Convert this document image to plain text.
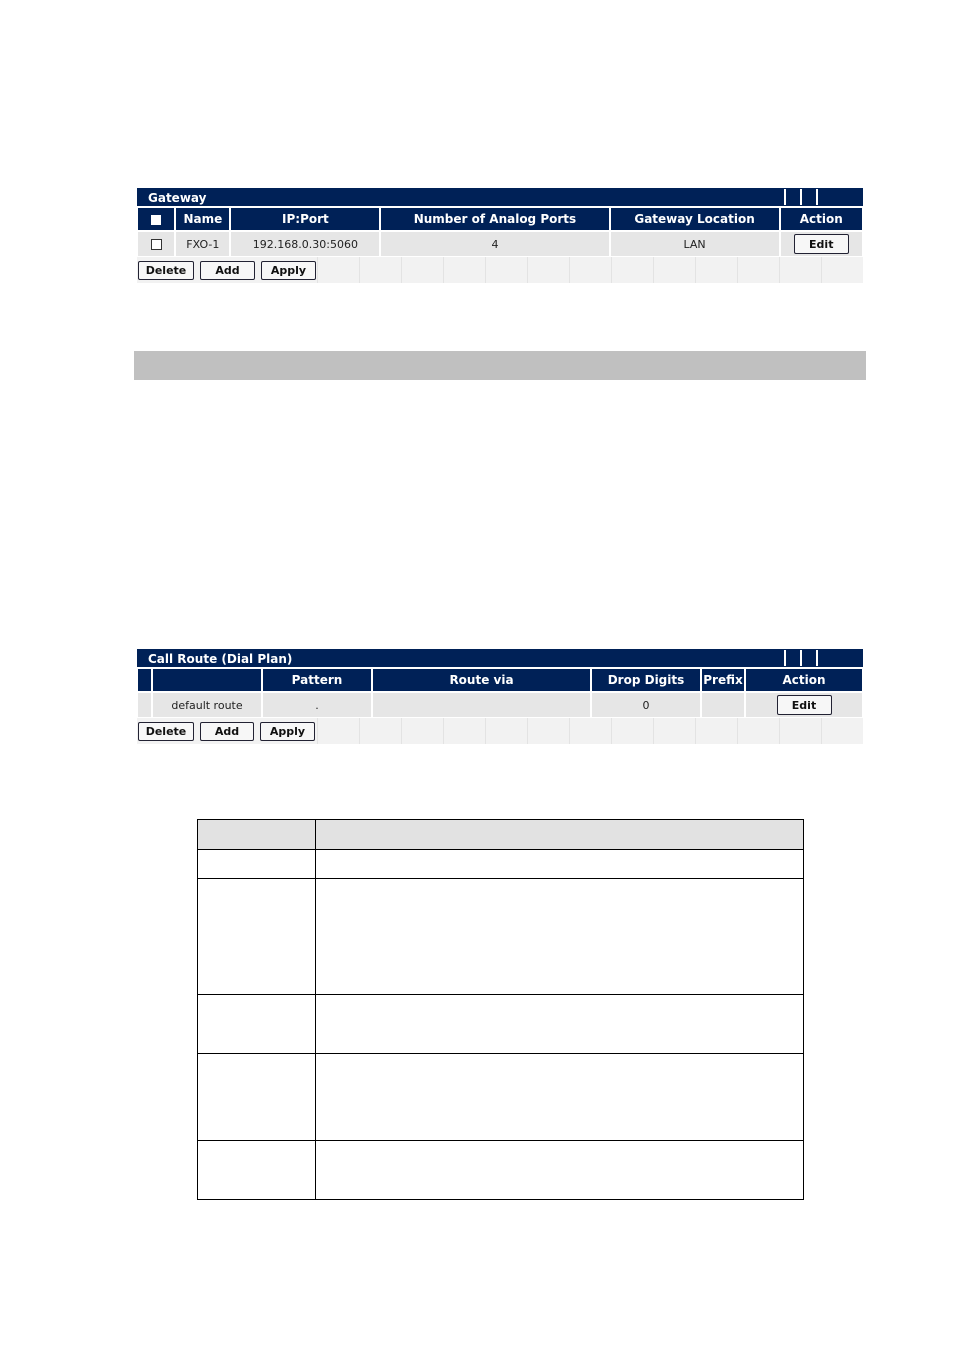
Gateway
	Name	IP:Port	Number of Analog Ports	Gateway Location	Action
	FXO-1	192.168.0.30:5060	4	LAN	Edit
Delete	Add	Apply
Call Route (Dial Plan)
		Pattern	Route via	Drop Digits	Prefix	Action
	default route	.		0		Edit
Delete	Add	Apply
